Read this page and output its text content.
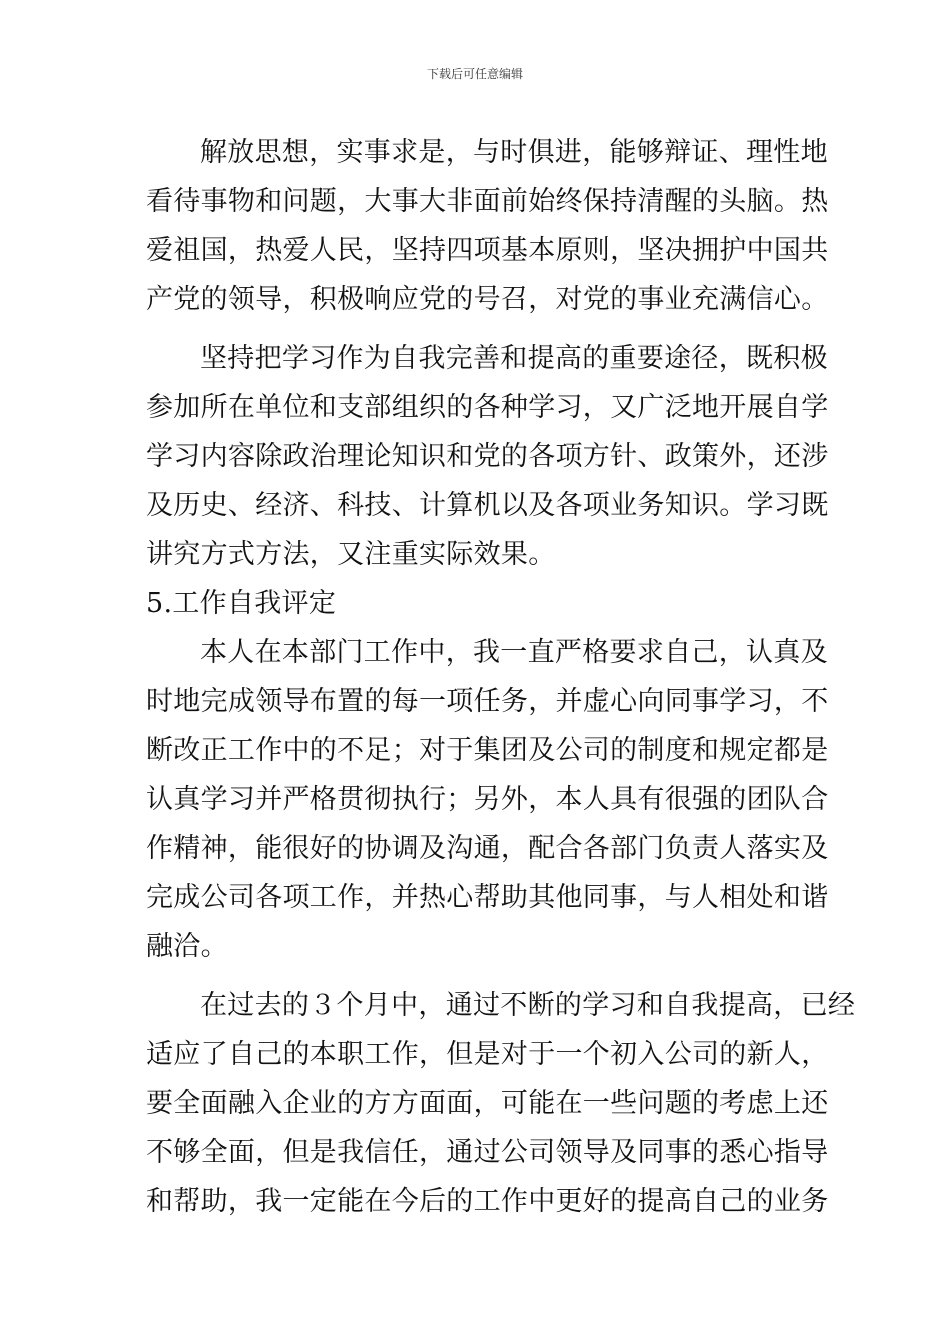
下载后可任意编辑
解放思想，实事求是，与时俱进，能够辩证、理性地
看待事物和问题，大事大非面前始终保持清醒的头脑。热
爱祖国，热爱人民，坚持四项基本原则，坚决拥护中国共
产党的领导，积极响应党的号召，对党的事业充满信心。
坚持把学习作为自我完善和提高的重要途径，既积极
参加所在单位和支部组织的各种学习，又广泛地开展自学
学习内容除政治理论知识和党的各项方针、政策外，还涉
及历史、经济、科技、计算机以及各项业务知识。学习既
讲究方式方法，又注重实际效果。
5.工作自我评定
本人在本部门工作中，我一直严格要求自己，认真及
时地完成领导布置的每一项任务，并虚心向同事学习，不
断改正工作中的不足；对于集团及公司的制度和规定都是
认真学习并严格贯彻执行；另外，本人具有很强的团队合
作精神，能很好的协调及沟通，配合各部门负责人落实及
完成公司各项工作，并热心帮助其他同事，与人相处和谐
融洽。
在过去的３个月中，通过不断的学习和自我提高，已经
适应了自己的本职工作，但是对于一个初入公司的新人，
要全面融入企业的方方面面，可能在一些问题的考虑上还
不够全面，但是我信任，通过公司领导及同事的悉心指导
和帮助，我一定能在今后的工作中更好的提高自己的业务
